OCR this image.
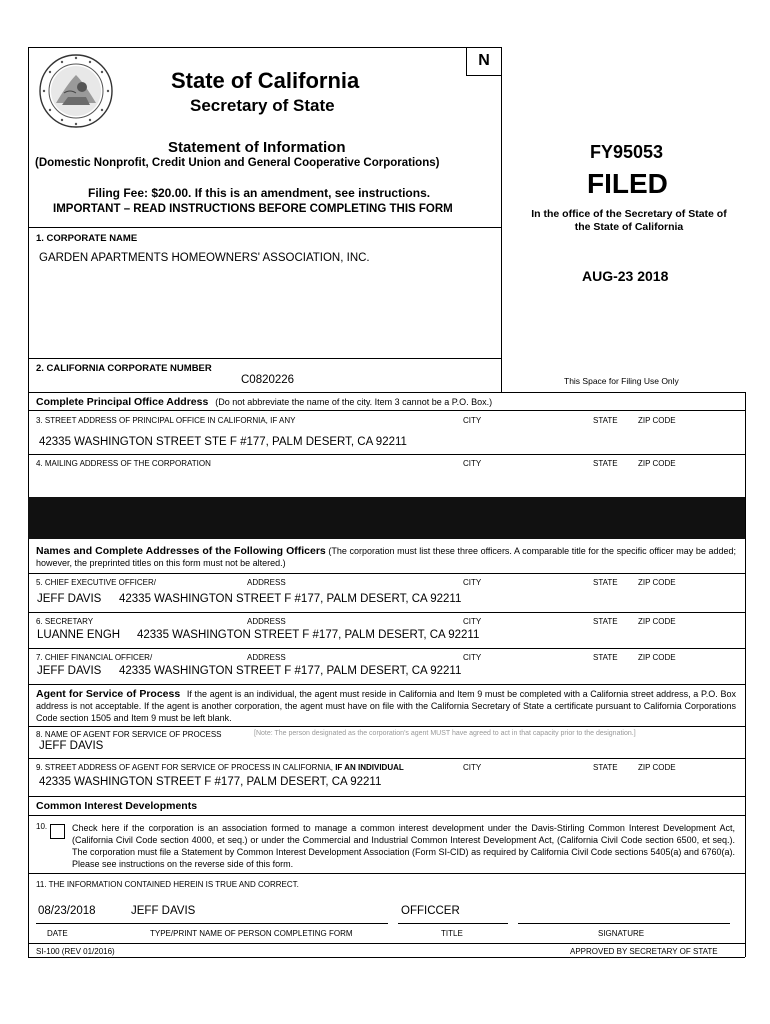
N
State of California
Secretary of State
Statement of Information
(Domestic Nonprofit, Credit Union and General Cooperative Corporations)
Filing Fee: $20.00. If this is an amendment, see instructions.
IMPORTANT – READ INSTRUCTIONS BEFORE COMPLETING THIS FORM
FY95053
FILED
In the office of the Secretary of State of the State of California
AUG-23 2018
This Space for Filing Use Only
1. CORPORATE NAME
GARDEN APARTMENTS HOMEOWNERS' ASSOCIATION, INC.
2. CALIFORNIA CORPORATE NUMBER
C0820226
Complete Principal Office Address (Do not abbreviate the name of the city. Item 3 cannot be a P.O. Box.)
3. STREET ADDRESS OF PRINCIPAL OFFICE IN CALIFORNIA, IF ANY	CITY	STATE	ZIP CODE
42335 WASHINGTON STREET STE F #177, PALM DESERT, CA 92211
4. MAILING ADDRESS OF THE CORPORATION	CITY	STATE	ZIP CODE
Names and Complete Addresses of the Following Officers (The corporation must list these three officers. A comparable title for the specific officer may be added; however, the preprinted titles on this form must not be altered.)
5. CHIEF EXECUTIVE OFFICER/	ADDRESS	CITY	STATE	ZIP CODE
JEFF DAVIS 42335 WASHINGTON STREET F #177, PALM DESERT, CA 92211
6. SECRETARY	ADDRESS	CITY	STATE	ZIP CODE
LUANNE ENGH 42335 WASHINGTON STREET F #177, PALM DESERT, CA 92211
7. CHIEF FINANCIAL OFFICER/	ADDRESS	CITY	STATE	ZIP CODE
JEFF DAVIS 42335 WASHINGTON STREET F #177, PALM DESERT, CA 92211
Agent for Service of Process If the agent is an individual, the agent must reside in California and Item 9 must be completed with a California street address, a P.O. Box address is not acceptable. If the agent is another corporation, the agent must have on file with the California Secretary of State a certificate pursuant to California Corporations Code section 1505 and Item 9 must be left blank.
8. NAME OF AGENT FOR SERVICE OF PROCESS	[Note: The person designated as the corporation's agent MUST have agreed to act in that capacity prior to the designation.]
JEFF DAVIS
9. STREET ADDRESS OF AGENT FOR SERVICE OF PROCESS IN CALIFORNIA, IF AN INDIVIDUAL	CITY	STATE	ZIP CODE
42335 WASHINGTON STREET F #177, PALM DESERT, CA 92211
Common Interest Developments
10.	Check here if the corporation is an association formed to manage a common interest development under the Davis-Stirling Common Interest Development Act, (California Civil Code section 4000, et seq.) or under the Commercial and Industrial Common Interest Development Act, (California Civil Code section 6500, et seq.). The corporation must file a Statement by Common Interest Development Association (Form SI-CID) as required by California Civil Code sections 5405(a) and 6760(a). Please see instructions on the reverse side of this form.
11. THE INFORMATION CONTAINED HEREIN IS TRUE AND CORRECT.
08/23/2018	JEFF DAVIS	OFFICCER
DATE	TYPE/PRINT NAME OF PERSON COMPLETING FORM	TITLE	SIGNATURE
SI-100 (REV 01/2016)	APPROVED BY SECRETARY OF STATE
